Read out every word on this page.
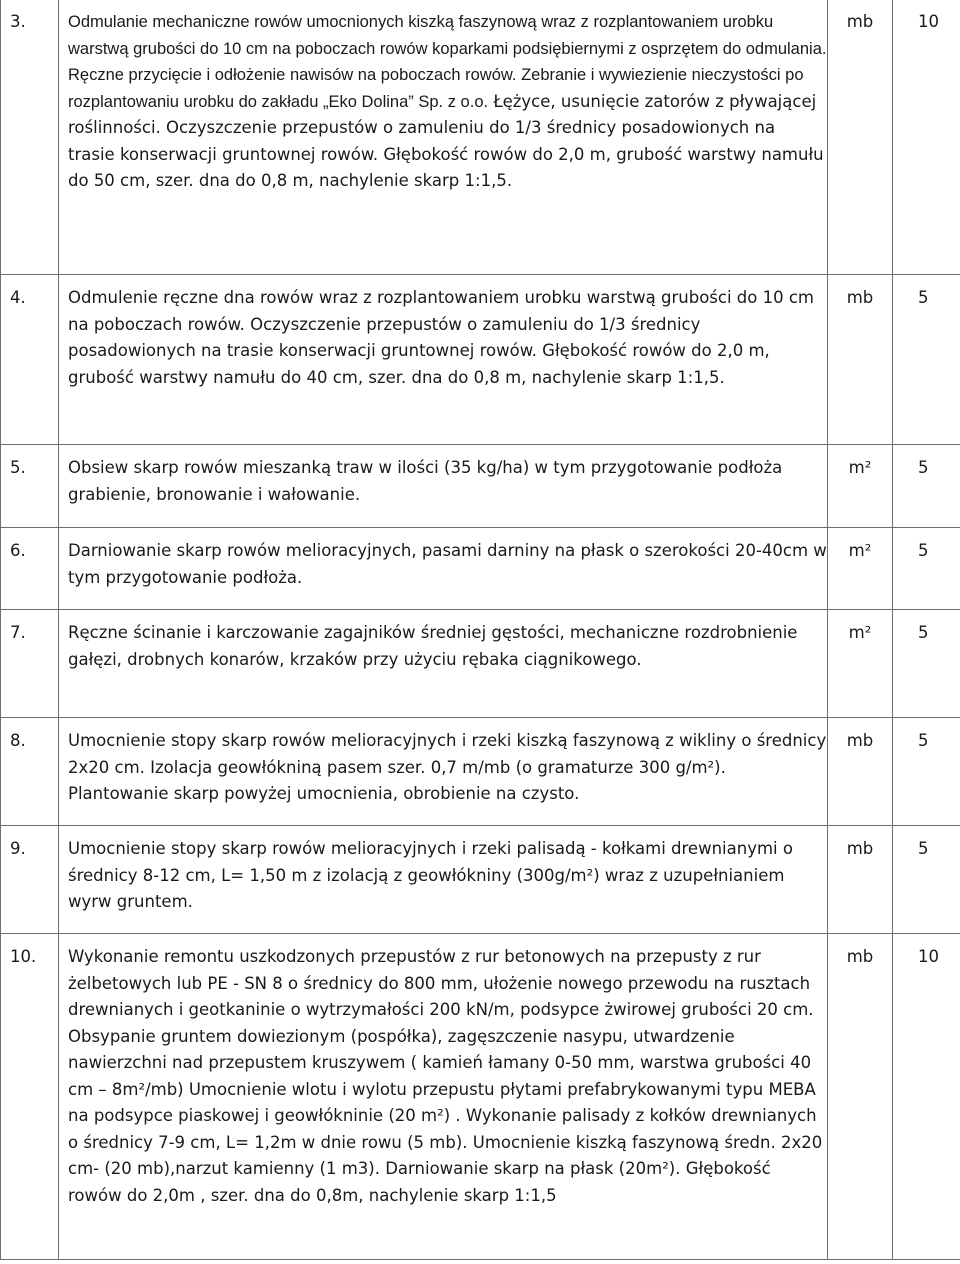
3.	Odmulanie mechaniczne rowów umocnionych kiszką faszynową wraz z rozplantowaniem urobku warstwą grubości do 10 cm na poboczach rowów koparkami podsiębiernymi z osprzętem do odmulania. Ręczne przycięcie i odłożenie nawisów na poboczach rowów. Zebranie i wywiezienie nieczystości po rozplantowaniu urobku do zakładu „Eko Dolina” Sp. z o.o. Łężyce, usunięcie zatorów z pływającej roślinności. Oczyszczenie przepustów o zamuleniu do 1/3 średnicy posadowionych na trasie konserwacji gruntownej rowów. Głębokość rowów do 2,0 m, grubość warstwy namułu do 50 cm, szer. dna do 0,8 m, nachylenie skarp 1:1,5.	mb	10
4.	Odmulenie ręczne dna rowów wraz z rozplantowaniem urobku warstwą grubości do 10 cm na poboczach rowów. Oczyszczenie przepustów o zamuleniu do 1/3 średnicy posadowionych na trasie konserwacji gruntownej rowów. Głębokość rowów do 2,0 m, grubość warstwy namułu do 40 cm, szer. dna do 0,8 m, nachylenie skarp 1:1,5.	mb	5
5.	Obsiew skarp rowów mieszanką traw w ilości (35 kg/ha) w tym przygotowanie podłoża grabienie, bronowanie i wałowanie.	m²	5
6.	Darniowanie skarp rowów melioracyjnych, pasami darniny na płask o szerokości 20-40cm w tym przygotowanie podłoża.	m²	5
7.	Ręczne ścinanie i karczowanie zagajników średniej gęstości, mechaniczne rozdrobnienie gałęzi, drobnych konarów, krzaków przy użyciu rębaka ciągnikowego.	m²	5
8.	Umocnienie stopy skarp rowów melioracyjnych i rzeki kiszką faszynową z wikliny o średnicy 2x20 cm. Izolacja geowłókniną pasem szer. 0,7 m/mb (o gramaturze 300 g/m²). Plantowanie skarp powyżej umocnienia, obrobienie na czysto.	mb	5
9.	Umocnienie stopy skarp rowów melioracyjnych i rzeki palisadą - kołkami drewnianymi o średnicy 8-12 cm, L= 1,50 m z izolacją z geowłókniny (300g/m²) wraz z uzupełnianiem wyrw gruntem.	mb	5
10.	Wykonanie remontu uszkodzonych przepustów z rur betonowych na przepusty z rur żelbetowych lub PE - SN 8 o średnicy do 800 mm, ułożenie nowego przewodu na rusztach drewnianych i geotkaninie o wytrzymałości 200 kN/m, podsypce żwirowej grubości 20 cm. Obsypanie gruntem dowiezionym (pospółka), zagęszczenie nasypu, utwardzenie nawierzchni nad przepustem kruszywem ( kamień łamany 0-50 mm, warstwa grubości 40 cm – 8m²/mb) Umocnienie wlotu i wylotu przepustu płytami prefabrykowanymi typu MEBA na podsypce piaskowej i geowłókninie (20 m²) . Wykonanie palisady z kołków drewnianych o średnicy 7-9 cm, L= 1,2m w dnie rowu (5 mb). Umocnienie kiszką faszynową średn. 2x20 cm- (20 mb),narzut kamienny (1 m3). Darniowanie skarp na płask (20m²). Głębokość rowów do 2,0m , szer. dna do 0,8m, nachylenie skarp 1:1,5	mb	10
